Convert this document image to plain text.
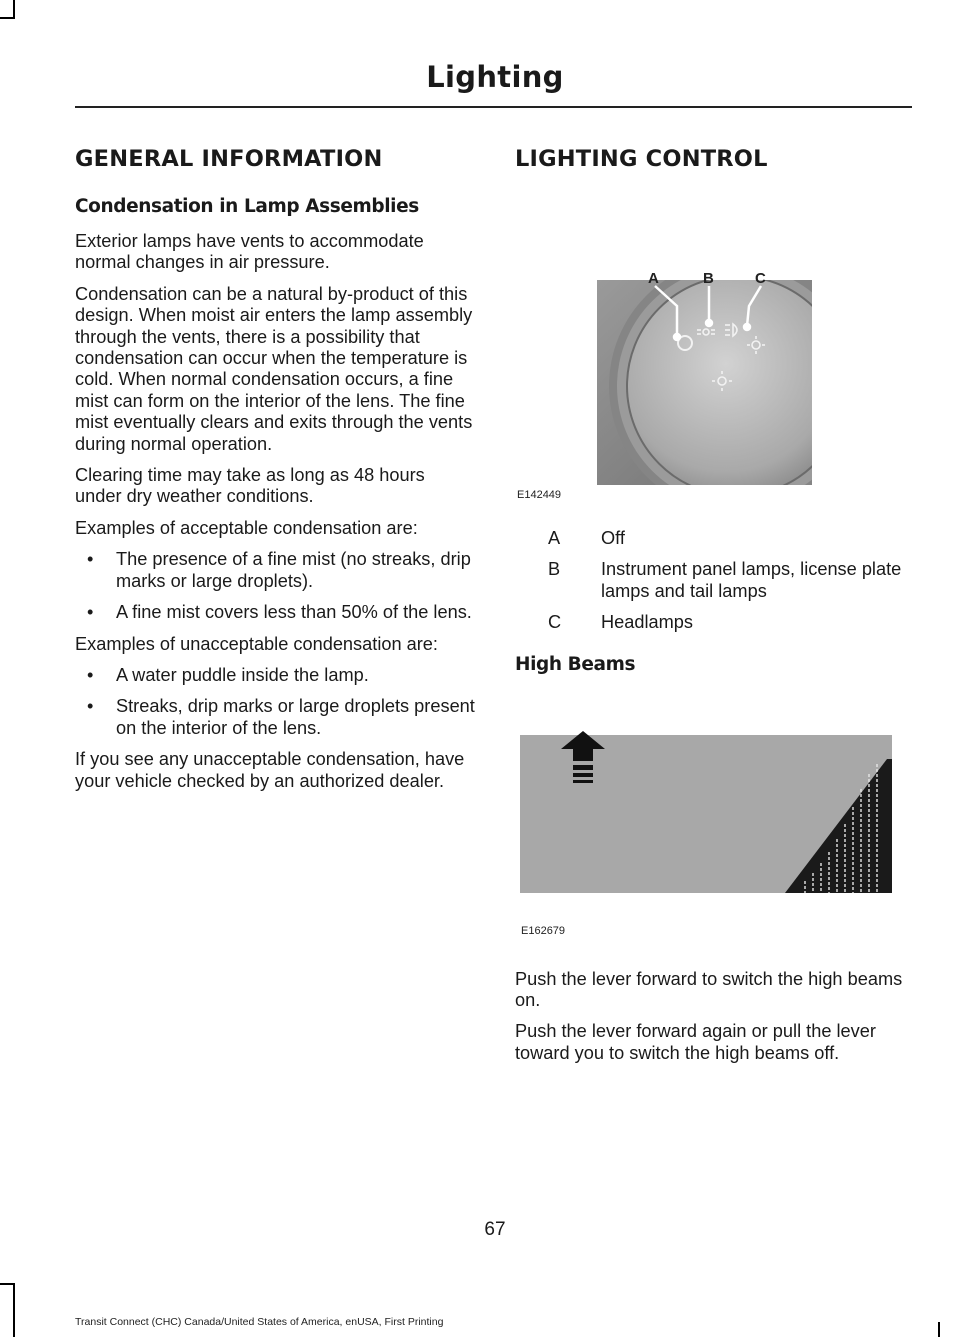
Lighting
GENERAL INFORMATION
Condensation in Lamp Assemblies

Exterior lamps have vents to accommodate normal changes in air pressure.

Condensation can be a natural by-product of this design. When moist air enters the lamp assembly through the vents, there is a possibility that condensation can occur when the temperature is cold. When normal condensation occurs, a fine mist can form on the interior of the lens. The fine mist eventually clears and exits through the vents during normal operation.

Clearing time may take as long as 48 hours under dry weather conditions.

Examples of acceptable condensation are:

• The presence of a fine mist (no streaks, drip marks or large droplets).
• A fine mist covers less than 50% of the lens.

Examples of unacceptable condensation are:

• A water puddle inside the lamp.
• Streaks, drip marks or large droplets present on the interior of the lens.

If you see any unacceptable condensation, have your vehicle checked by an authorized dealer.

LIGHTING CONTROL
A	B	C
E142449
A	Off
B	Instrument panel lamps, license plate lamps and tail lamps
C	Headlamps
High Beams
E162679

Push the lever forward to switch the high beams on.

Push the lever forward again or pull the lever toward you to switch the high beams off.

67
Transit Connect (CHC) Canada/United States of America, enUSA, First Printing
